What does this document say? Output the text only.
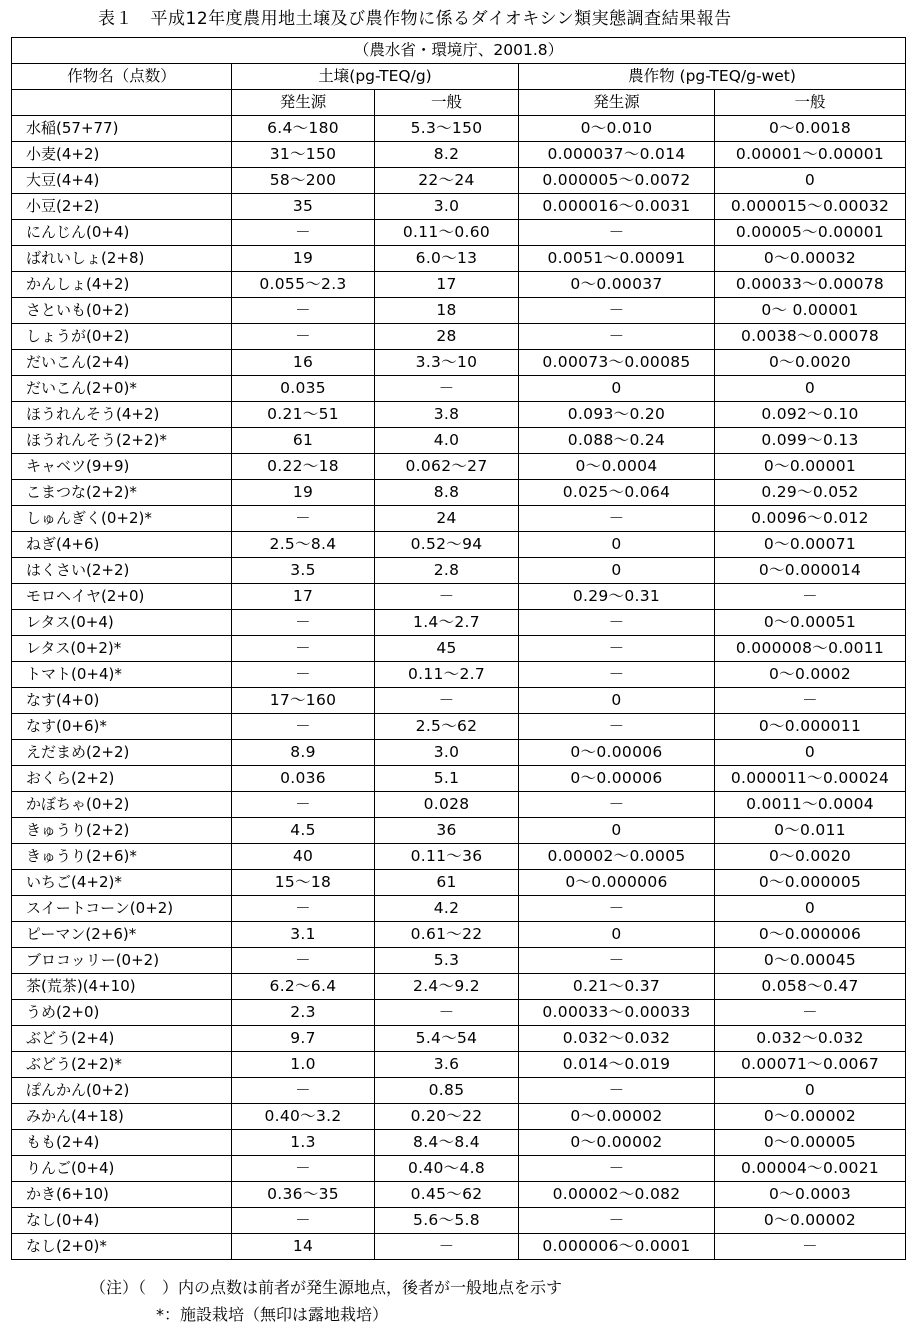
表１　平成12年度農用地土壌及び農作物に係るダイオキシン類実態調査結果報告
（農水省・環境庁、2001.8）				
作物名（点数）	土壌(pg-TEQ/g)		農作物 (pg-TEQ/g-wet)	
	発生源	一般	発生源	一般
水稲(57+77)	6.4～180	5.3～150	0～0.010	0～0.0018
小麦(4+2)	31～150	8.2	0.000037～0.014	0.00001～0.00001
大豆(4+4)	58～200	22～24	0.000005～0.0072	0
小豆(2+2)	35	3.0	0.000016～0.0031	0.000015～0.00032
にんじん(0+4)	－	0.11～0.60	－	0.00005～0.00001
ばれいしょ(2+8)	19	6.0～13	0.0051～0.00091	0～0.00032
かんしょ(4+2)	0.055～2.3	17	0～0.00037	0.00033～0.00078
さといも(0+2)	－	18	－	0～ 0.00001
しょうが(0+2)	－	28	－	0.0038～0.00078
だいこん(2+4)	16	3.3～10	0.00073～0.00085	0～0.0020
だいこん(2+0)*	0.035	－	0	0
ほうれんそう(4+2)	0.21～51	3.8	0.093～0.20	0.092～0.10
ほうれんそう(2+2)*	61	4.0	0.088～0.24	0.099～0.13
キャベツ(9+9)	0.22～18	0.062～27	0～0.0004	0～0.00001
こまつな(2+2)*	19	8.8	0.025～0.064	0.29～0.052
しゅんぎく(0+2)*	－	24	－	0.0096～0.012
ねぎ(4+6)	2.5～8.4	0.52～94	0	0～0.00071
はくさい(2+2)	3.5	2.8	0	0～0.000014
モロヘイヤ(2+0)	17	－	0.29～0.31	－
レタス(0+4)	－	1.4～2.7	－	0～0.00051
レタス(0+2)*	－	45	－	0.000008～0.0011
トマト(0+4)*	－	0.11～2.7	－	0～0.0002
なす(4+0)	17～160	－	0	－
なす(0+6)*	－	2.5～62	－	0～0.000011
えだまめ(2+2)	8.9	3.0	0～0.00006	0
おくら(2+2)	0.036	5.1	0～0.00006	0.000011～0.00024
かぼちゃ(0+2)	－	0.028	－	0.0011～0.0004
きゅうり(2+2)	4.5	36	0	0～0.011
きゅうり(2+6)*	40	0.11～36	0.00002～0.0005	0～0.0020
いちご(4+2)*	15～18	61	0～0.000006	0～0.000005
スイートコーン(0+2)	－	4.2	－	0
ピーマン(2+6)*	3.1	0.61～22	0	0～0.000006
ブロコッリー(0+2)	－	5.3	－	0～0.00045
茶(荒茶)(4+10)	6.2～6.4	2.4～9.2	0.21～0.37	0.058～0.47
うめ(2+0)	2.3	－	0.00033～0.00033	－
ぶどう(2+4)	9.7	5.4～54	0.032～0.032	0.032～0.032
ぶどう(2+2)*	1.0	3.6	0.014～0.019	0.00071～0.0067
ぽんかん(0+2)	－	0.85	－	0
みかん(4+18)	0.40～3.2	0.20～22	0～0.00002	0～0.00002
もも(2+4)	1.3	8.4～8.4	0～0.00002	0～0.00005
りんご(0+4)	－	0.40～4.8	－	0.00004～0.0021
かき(6+10)	0.36～35	0.45～62	0.00002～0.082	0～0.0003
なし(0+4)	－	5.6～5.8	－	0～0.00002
なし(2+0)*	14	－	0.000006～0.0001	－
（注）（　）内の点数は前者が発生源地点，後者が一般地点を示す
*：施設栽培（無印は露地栽培）
